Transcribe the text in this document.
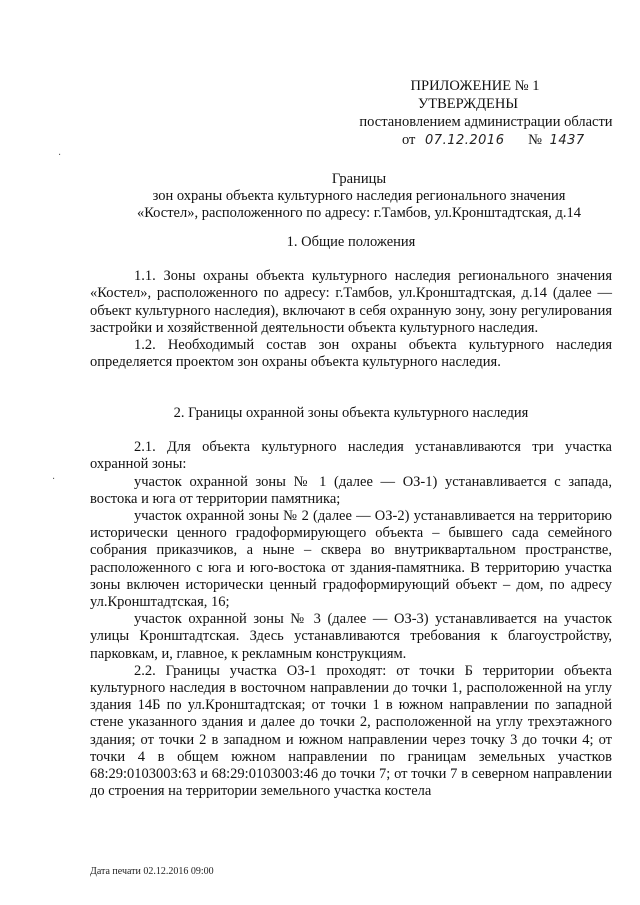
·
·
ПРИЛОЖЕНИЕ № 1
УТВЕРЖДЕНЫ
постановлением администрации области
от 07.12.2016 № 1437
Границы
зон охраны объекта культурного наследия регионального значения
«Костел», расположенного по адресу: г.Тамбов, ул.Кронштадтская, д.14

1. Общие положения

1.1. Зоны охраны объекта культурного наследия регионального значения «Костел», расположенного по адресу: г.Тамбов, ул.Кронштадтская, д.14 (далее — объект культурного наследия), включают в себя охранную зону, зону регулирования застройки и хозяйственной деятельности объекта культурного наследия.

1.2. Необходимый состав зон охраны объекта культурного наследия определяется проектом зон охраны объекта культурного наследия.

2. Границы охранной зоны объекта культурного наследия

2.1. Для объекта культурного наследия устанавливаются три участка охранной зоны:

участок охранной зоны № 1 (далее — ОЗ-1) устанавливается с запада, востока и юга от территории памятника;

участок охранной зоны № 2 (далее — ОЗ-2) устанавливается на территорию исторически ценного градоформирующего объекта – бывшего сада семейного собрания приказчиков, а ныне – сквера во внутриквартальном пространстве, расположенного с юга и юго-востока от здания-памятника. В территорию участка зоны включен исторически ценный градоформирующий объект – дом, по адресу ул.Кронштадтская, 16;

участок охранной зоны № 3 (далее — ОЗ-3) устанавливается на участок улицы Кронштадтская. Здесь устанавливаются требования к благоустройству, парковкам, и, главное, к рекламным конструкциям.

2.2. Границы участка ОЗ-1 проходят: от точки Б территории объекта культурного наследия в восточном направлении до точки 1, расположенной на углу здания 14Б по ул.Кронштадтская; от точки 1 в южном направлении по западной стене указанного здания и далее до точки 2, расположенной на углу трехэтажного здания; от точки 2 в западном и южном направлении через точку 3 до точки 4; от точки 4 в общем южном направлении по границам земельных участков 68:29:0103003:63 и 68:29:0103003:46 до точки 7; от точки 7 в северном направлении до строения на территории земельного участка костела

Дата печати 02.12.2016 09:00
